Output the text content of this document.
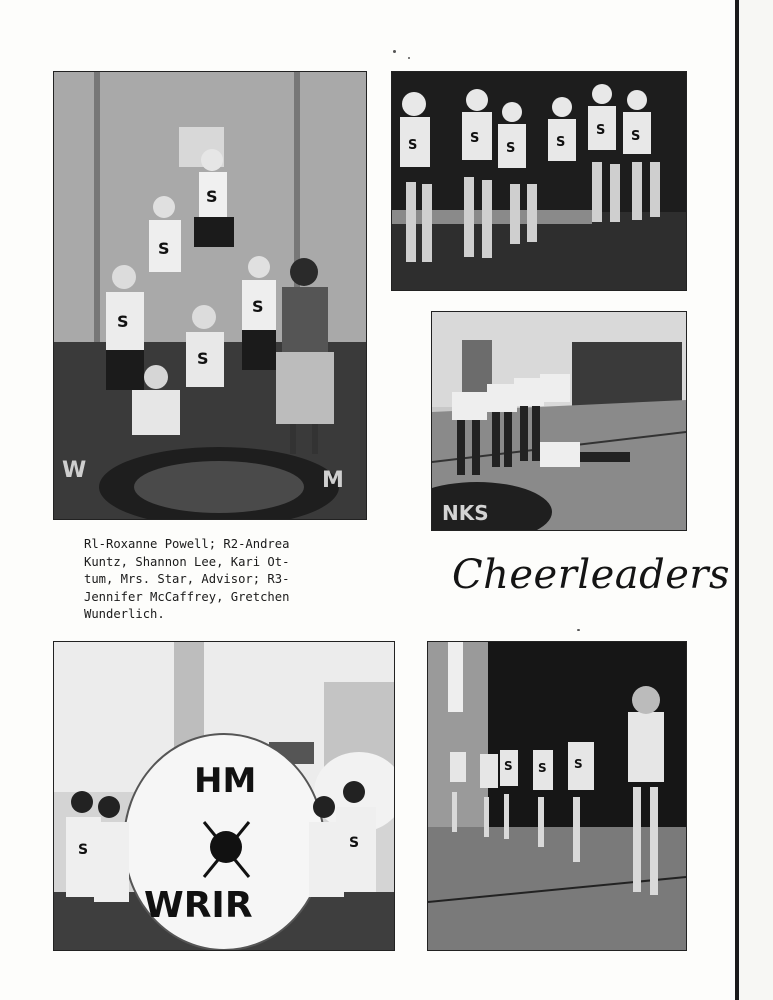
S
S
S
S
S
W	M
S	S
S	S
S S
NKS
Rl-Roxanne Powell; R2-Andrea
Kuntz, Shannon Lee, Kari Ot-
tum, Mrs. Star, Advisor; R3-
Jennifer McCaffrey, Gretchen
Wunderlich.
Cheerleaders
HM
WRIR
S	S
S S S
